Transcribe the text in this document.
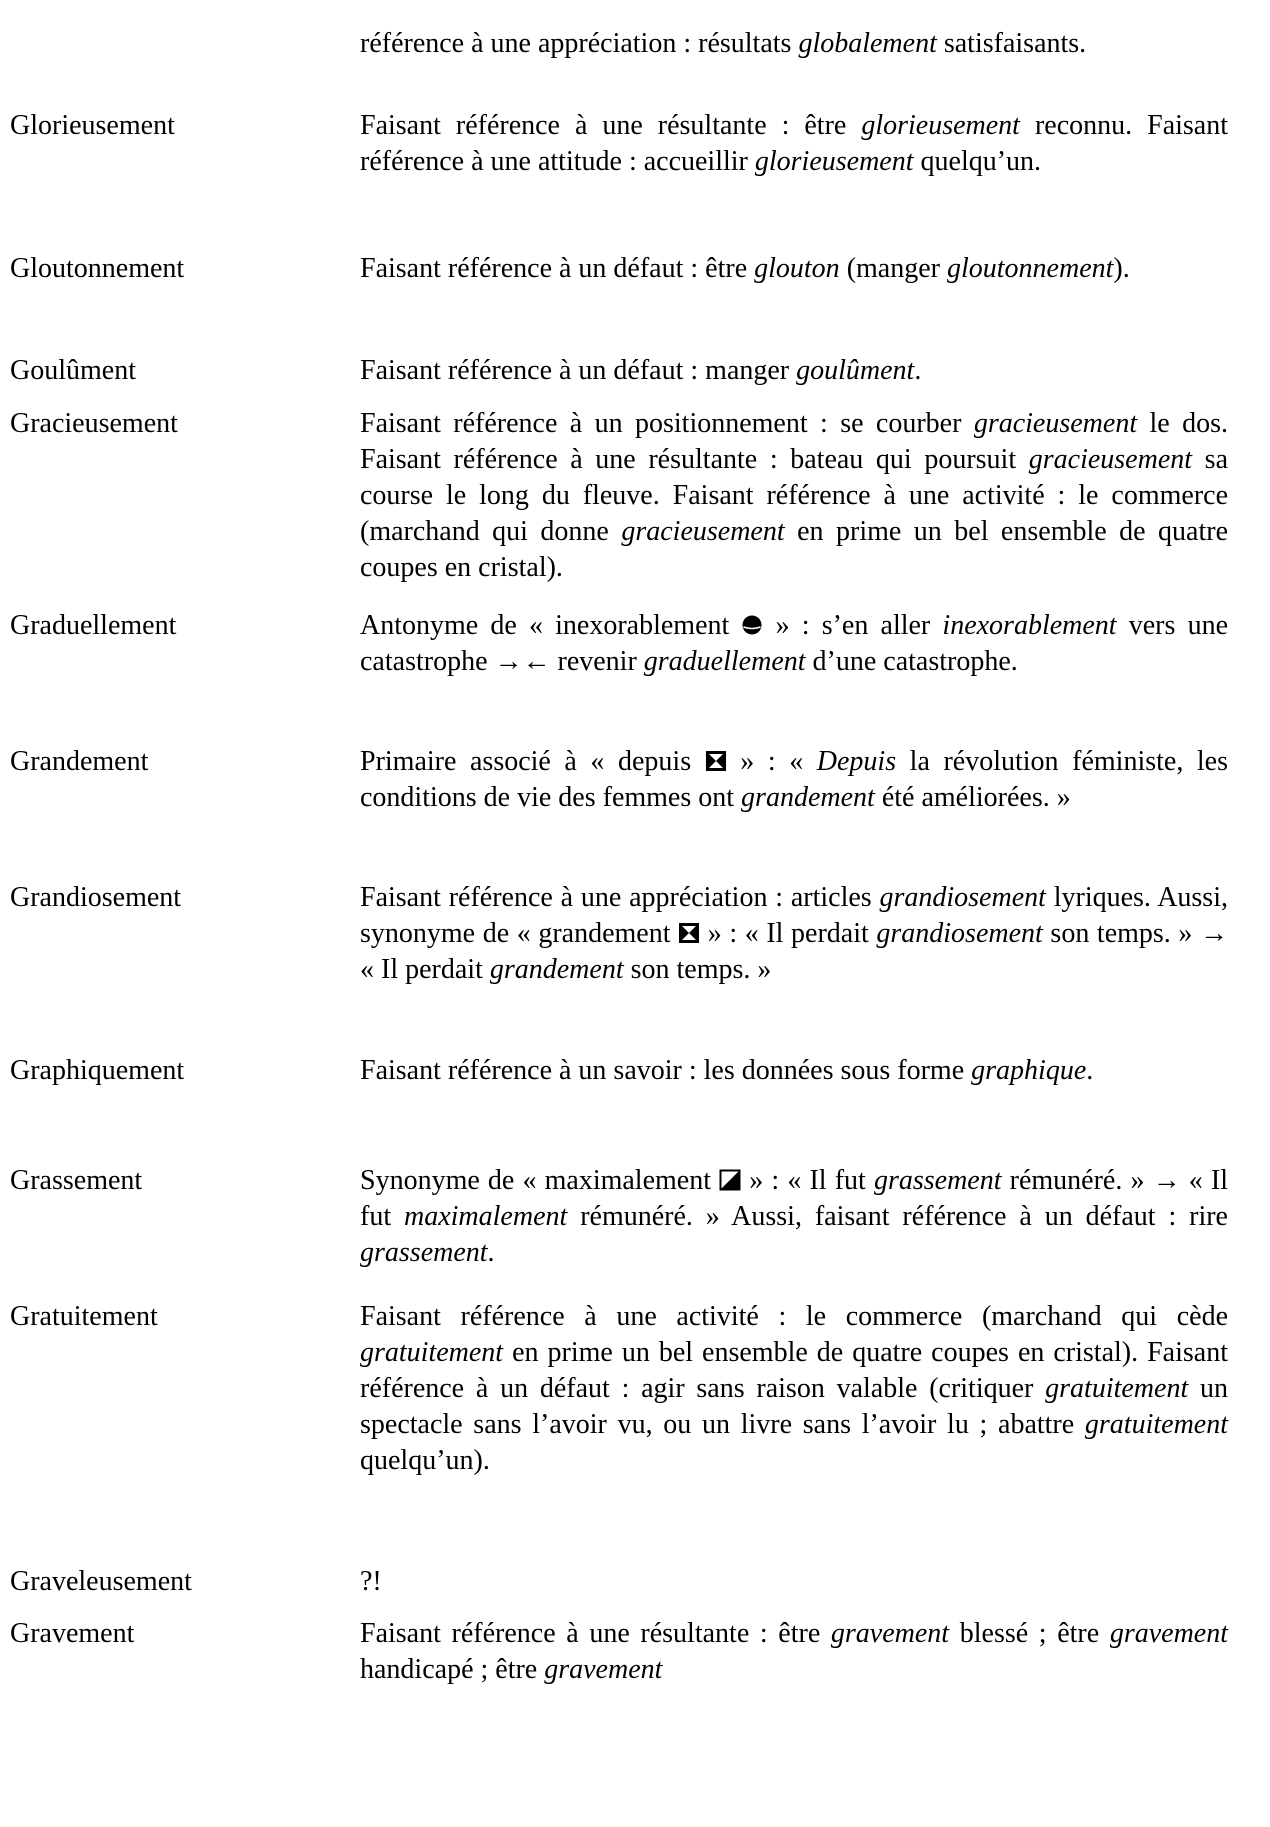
référence à une appréciation : résultats globalement satisfaisants.
Glorieusement	Faisant référence à une résultante : être glorieusement reconnu. Faisant référence à une attitude : accueillir glorieusement quelqu’un.
Gloutonnement	Faisant référence à un défaut : être glouton (manger gloutonnement).
Goulûment	Faisant référence à un défaut : manger goulûment.
Gracieusement	Faisant référence à un positionnement : se courber gracieusement le dos. Faisant référence à une résultante : bateau qui poursuit gracieusement sa course le long du fleuve. Faisant référence à une activité : le commerce (marchand qui donne gracieusement en prime un bel ensemble de quatre coupes en cristal).
Graduellement	Antonyme de « inexorablement  » : s’en aller inexorablement vers une catastrophe →← revenir graduellement d’une catastrophe.
Grandement	Primaire associé à « depuis  » : « Depuis la révolution féministe, les conditions de vie des femmes ont grandement été améliorées. »
Grandiosement	Faisant référence à une appréciation : articles grandiosement lyriques. Aussi, synonyme de « grandement  » : « Il perdait grandiosement son temps. » → « Il perdait grandement son temps. »
Graphiquement	Faisant référence à un savoir : les données sous forme graphique.
Grassement	Synonyme de « maximalement  » : « Il fut grassement rémunéré. » → « Il fut maximalement rémunéré. » Aussi, faisant référence à un défaut : rire grassement.
Gratuitement	Faisant référence à une activité : le commerce (marchand qui cède gratuitement en prime un bel ensemble de quatre coupes en cristal). Faisant référence à un défaut : agir sans raison valable (critiquer gratuitement un spectacle sans l’avoir vu, ou un livre sans l’avoir lu ; abattre gratuitement quelqu’un).
Graveleusement	?!
Gravement	Faisant référence à une résultante : être gravement blessé ; être gravement handicapé ; être gravement
